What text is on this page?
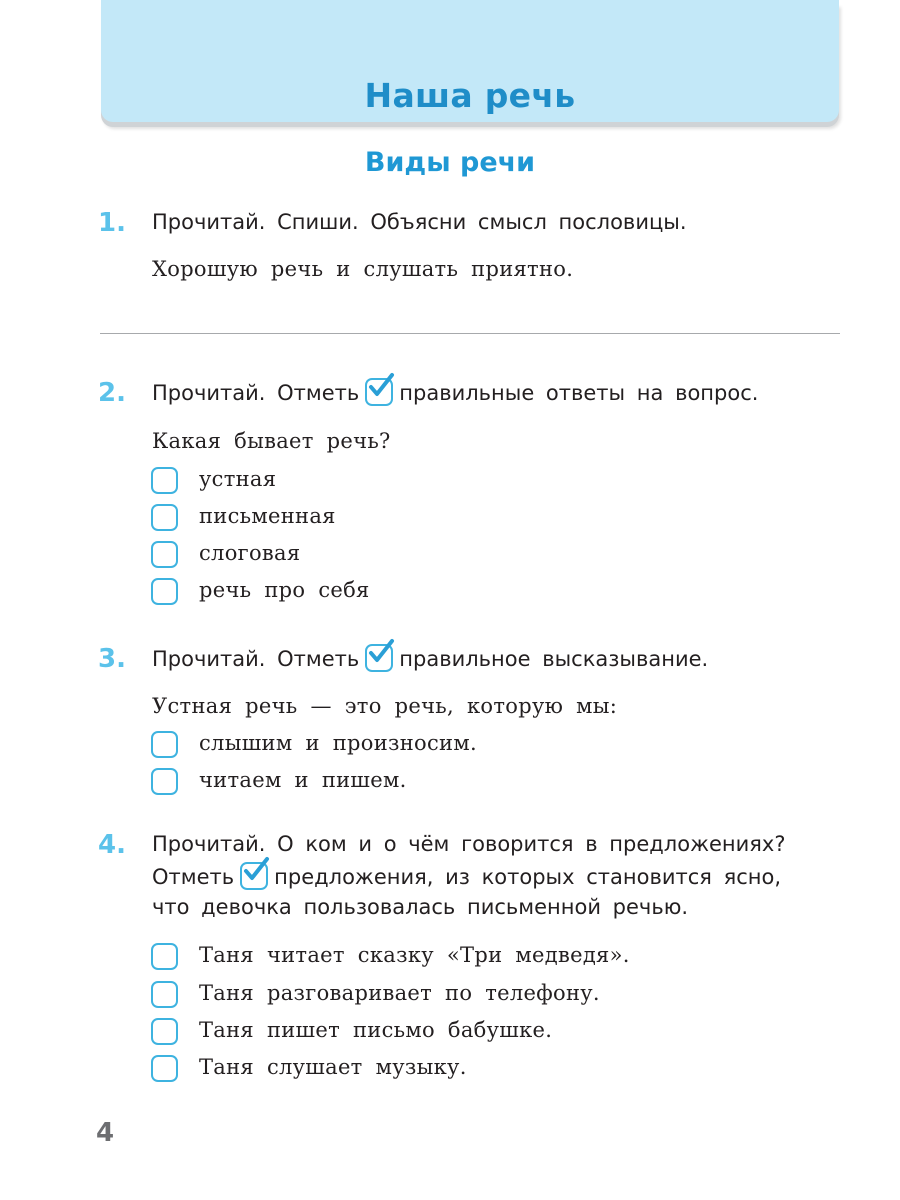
Наша речь
Виды речи
1. Прочитай. Спиши. Объясни смысл пословицы.
Хорошую речь и слушать приятно.
2. Прочитай. Отметь правильные ответы на вопрос.
Какая бывает речь?
устная
письменная
слоговая
речь про себя
3. Прочитай. Отметь правильное высказывание.
Устная речь — это речь, которую мы:
слышим и произносим.
читаем и пишем.
4. Прочитай. О ком и о чём говорится в предложениях?
Отметь предложения, из которых становится ясно,
что девочка пользовалась письменной речью.
Таня читает сказку «Три медведя».
Таня разговаривает по телефону.
Таня пишет письмо бабушке.
Таня слушает музыку.
4
